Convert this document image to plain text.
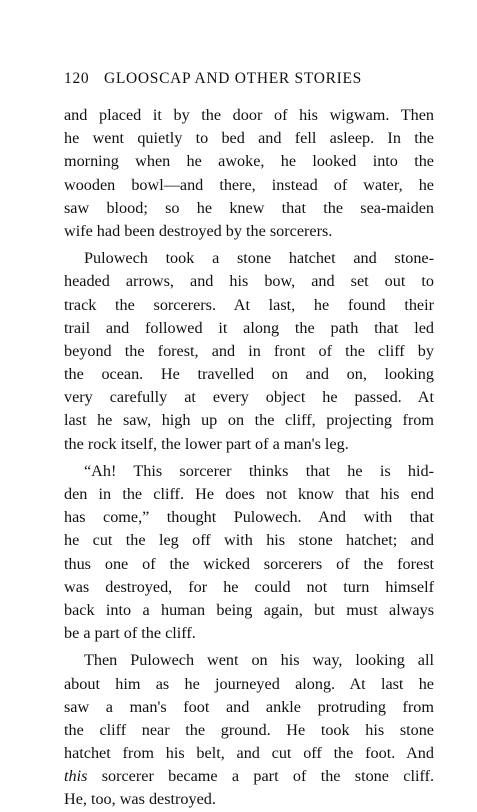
120 GLOOSCAP AND OTHER STORIES
and placed it by the door of his wigwam. Then
he went quietly to bed and fell asleep. In the
morning when he awoke, he looked into the
wooden bowl—and there, instead of water, he
saw blood; so he knew that the sea-maiden
wife had been destroyed by the sorcerers.
Pulowech took a stone hatchet and stone-
headed arrows, and his bow, and set out to
track the sorcerers. At last, he found their
trail and followed it along the path that led
beyond the forest, and in front of the cliff by
the ocean. He travelled on and on, looking
very carefully at every object he passed. At
last he saw, high up on the cliff, projecting from
the rock itself, the lower part of a man's leg.
“Ah! This sorcerer thinks that he is hid-
den in the cliff. He does not know that his end
has come,” thought Pulowech. And with that
he cut the leg off with his stone hatchet; and
thus one of the wicked sorcerers of the forest
was destroyed, for he could not turn himself
back into a human being again, but must always
be a part of the cliff.
Then Pulowech went on his way, looking all
about him as he journeyed along. At last he
saw a man's foot and ankle protruding from
the cliff near the ground. He took his stone
hatchet from his belt, and cut off the foot. And
this sorcerer became a part of the stone cliff.
He, too, was destroyed.
